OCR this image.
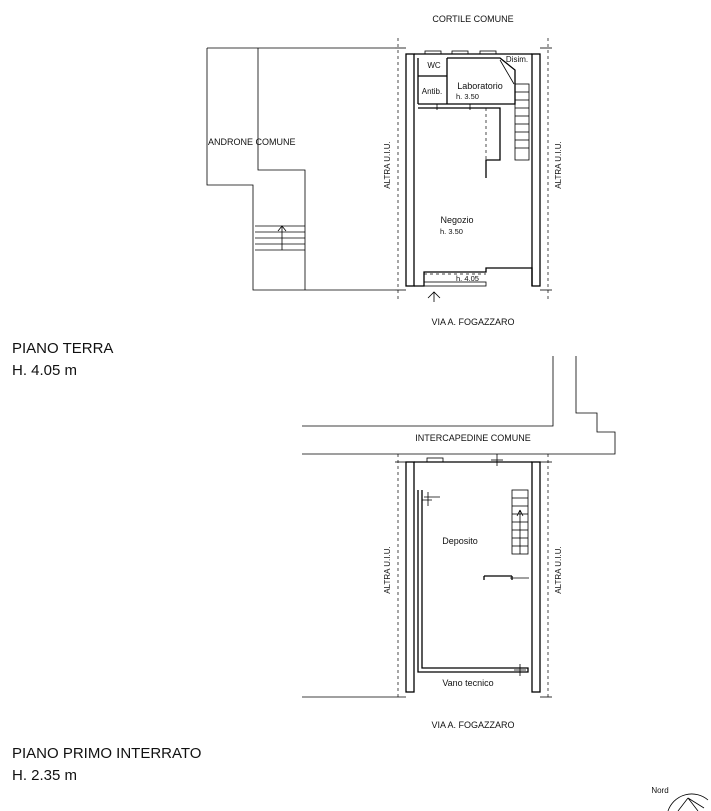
CORTILE COMUNE
VIA A. FOGAZZARO
ANDRONE COMUNE	ALTRA U.I.U.	ALTRA U.I.U.
WC
Disim.
Antib.
Laboratorio
h. 3.50
Negozio
h. 3.50
h. 4.05
PIANO TERRA
H. 4.05 m
INTERCAPEDINE COMUNE
VIA A. FOGAZZARO
ALTRA U.I.U.	ALTRA U.I.U.
Deposito
Vano tecnico
PIANO PRIMO INTERRATO
H. 2.35 m
Nord
